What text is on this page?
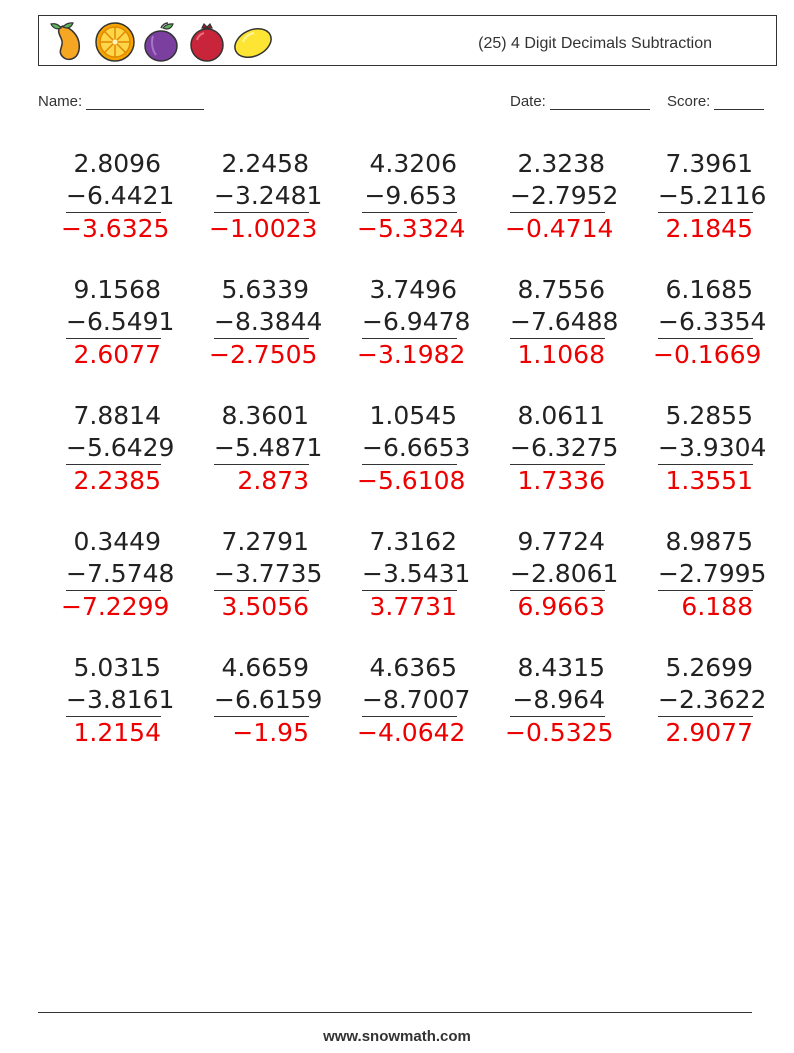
(25) 4 Digit Decimals Subtraction
Name:	Date:	Score:
2.8096
−6.4421
−3.6325
2.2458
−3.2481
−1.0023
4.3206
−9.653
−5.3324
2.3238
−2.7952
−0.4714
7.3961
−5.2116
2.1845
9.1568
−6.5491
2.6077
5.6339
−8.3844
−2.7505
3.7496
−6.9478
−3.1982
8.7556
−7.6488
1.1068
6.1685
−6.3354
−0.1669
7.8814
−5.6429
2.2385
8.3601
−5.4871
2.873
1.0545
−6.6653
−5.6108
8.0611
−6.3275
1.7336
5.2855
−3.9304
1.3551
0.3449
−7.5748
−7.2299
7.2791
−3.7735
3.5056
7.3162
−3.5431
3.7731
9.7724
−2.8061
6.9663
8.9875
−2.7995
6.188
5.0315
−3.8161
1.2154
4.6659
−6.6159
−1.95
4.6365
−8.7007
−4.0642
8.4315
−8.964
−0.5325
5.2699
−2.3622
2.9077
www.snowmath.com
